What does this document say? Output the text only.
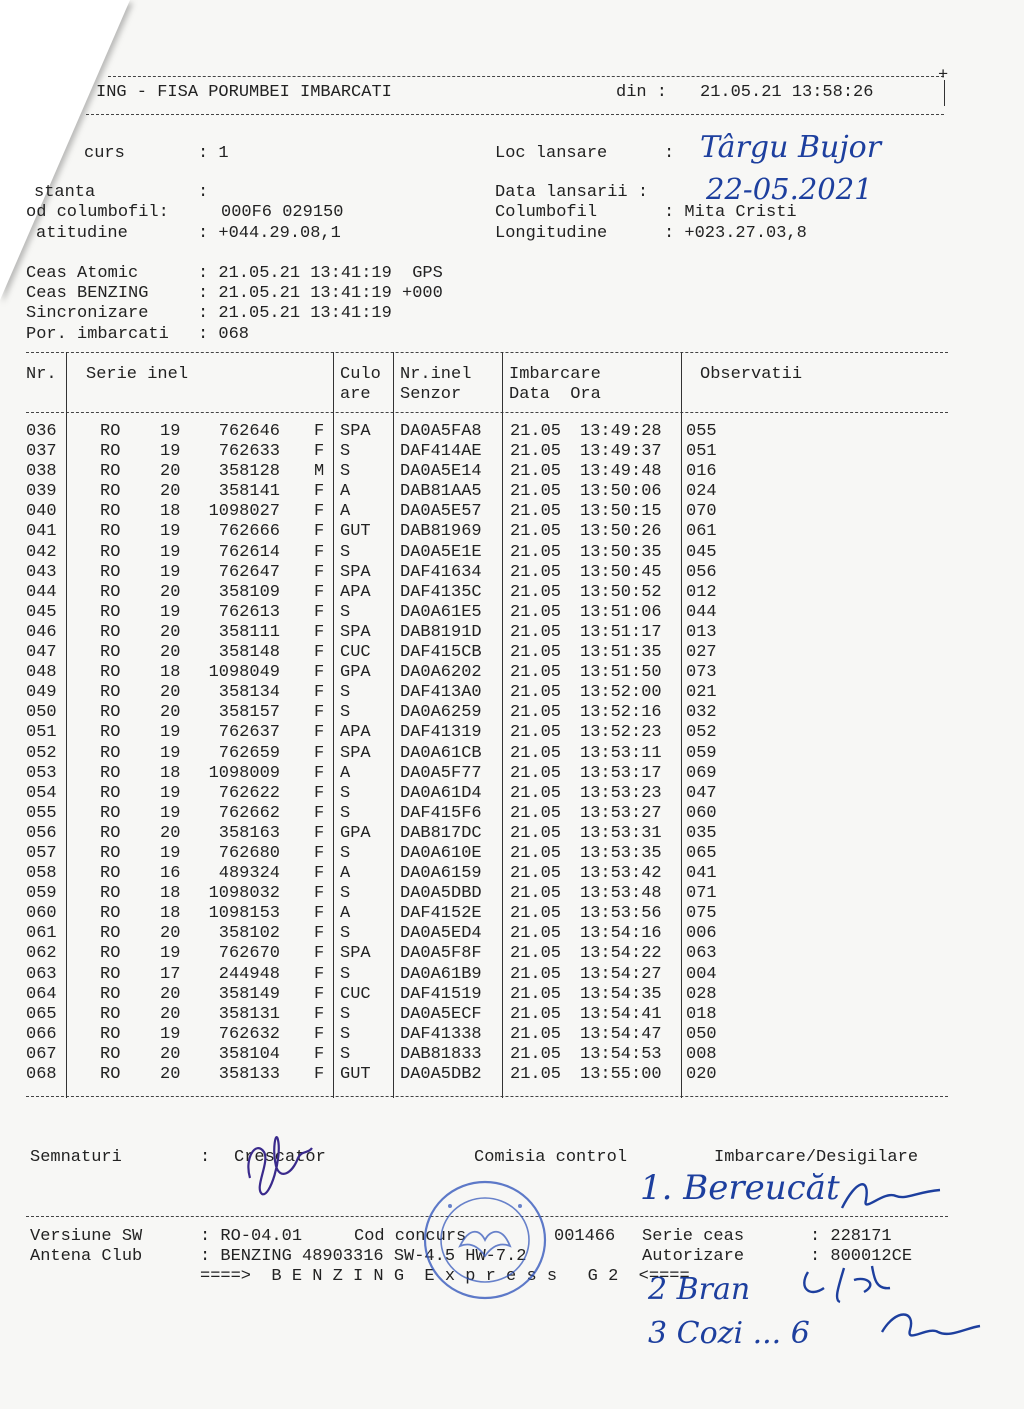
+
ING - FISA PORUMBEI IMBARCATI	din : 21.05.21 13:58:26
curs	: 1	Loc lansare	: Târgu Bujor
stanta	:	Data lansarii : 22-05.2021
od columbofil:	000F6 029150	Columbofil	: Mita Cristi
atitudine	: +044.29.08,1	Longitudine	: +023.27.03,8
Ceas Atomic	: 21.05.21 13:41:19  GPS
Ceas BENZING	: 21.05.21 13:41:19 +000
Sincronizare	: 21.05.21 13:41:19
Por. imbarcati : 068
Nr. Serie inel	Culo
are
Nr.inel
Senzor
Imbarcare
Data  Ora
Observatii
036	RO 19	762646 F SPA DA0A5FA8 21.05 13:49:28 055
037	RO 19	762633 F S	DAF414AE 21.05 13:49:37 051
038	RO 20	358128 M S	DA0A5E14 21.05 13:49:48 016
039	RO 20	358141 F A	DAB81AA5 21.05 13:50:06 024
040	RO 18	1098027 F A	DA0A5E57 21.05 13:50:15 070
041	RO 19	762666 F GUT DAB81969 21.05 13:50:26 061
042	RO 19	762614 F S	DA0A5E1E 21.05 13:50:35 045
043	RO 19	762647 F SPA DAF41634 21.05 13:50:45 056
044	RO 20	358109 F APA DAF4135C 21.05 13:50:52 012
045	RO 19	762613 F S	DA0A61E5 21.05 13:51:06 044
046	RO 20	358111 F SPA DAB8191D 21.05 13:51:17 013
047	RO 20	358148 F CUC DAF415CB 21.05 13:51:35 027
048	RO 18	1098049 F GPA DA0A6202 21.05 13:51:50 073
049	RO 20	358134 F S	DAF413A0 21.05 13:52:00 021
050	RO 20	358157 F S	DA0A6259 21.05 13:52:16 032
051	RO 19	762637 F APA DAF41319 21.05 13:52:23 052
052	RO 19	762659 F SPA DA0A61CB 21.05 13:53:11 059
053	RO 18	1098009 F A	DA0A5F77 21.05 13:53:17 069
054	RO 19	762622 F S	DA0A61D4 21.05 13:53:23 047
055	RO 19	762662 F S	DAF415F6 21.05 13:53:27 060
056	RO 20	358163 F GPA DAB817DC 21.05 13:53:31 035
057	RO 19	762680 F S	DA0A610E 21.05 13:53:35 065
058	RO 16	489324 F A	DA0A6159 21.05 13:53:42 041
059	RO 18	1098032 F S	DA0A5DBD 21.05 13:53:48 071
060	RO 18	1098153 F A	DAF4152E 21.05 13:53:56 075
061	RO 20	358102 F S	DA0A5ED4 21.05 13:54:16 006
062	RO 19	762670 F SPA DA0A5F8F 21.05 13:54:22 063
063	RO 17	244948 F S	DA0A61B9 21.05 13:54:27 004
064	RO 20	358149 F CUC DAF41519 21.05 13:54:35 028
065	RO 20	358131 F S	DA0A5ECF 21.05 13:54:41 018
066	RO 19	762632 F S	DAF41338 21.05 13:54:47 050
067	RO 20	358104 F S	DAB81833 21.05 13:54:53 008
068	RO 20	358133 F GUT DA0A5DB2 21.05 13:55:00 020
Semnaturi	: Crescator	Comisia control	Imbarcare/Desigilare
1. Bereucăt
2 Bran
3 Cozi ... 6
Versiune SW	: RO-04.01	Cod concurs	001466 Serie ceas	: 228171
Antena Club	: BENZING 48903316 SW-4.5 HW-7.2	Autorizare	: 800012CE
====>  B E N Z I N G  E x p r e s s   G 2  <====
